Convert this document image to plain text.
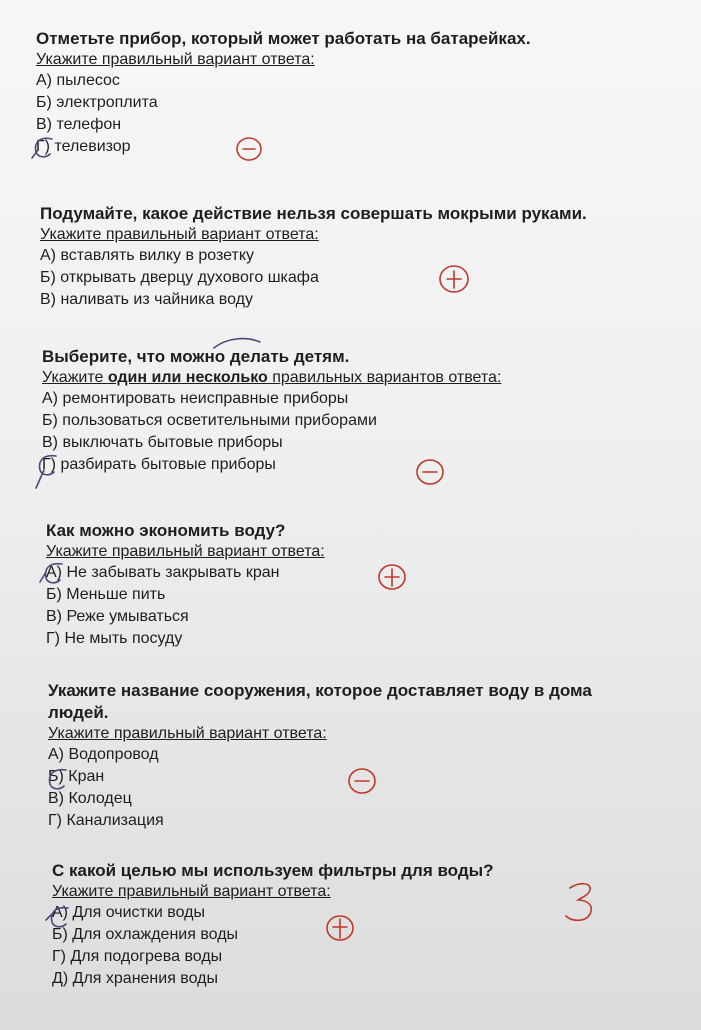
Отметьте прибор, который может работать на батарейках.

Укажите правильный вариант ответа:

А) пылесос
Б) электроплита
В) телефон
Г) телевизор

Подумайте, какое действие нельзя совершать мокрыми руками.

Укажите правильный вариант ответа:

А) вставлять вилку в розетку
Б) открывать дверцу духового шкафа
В) наливать из чайника воду

Выберите, что можно делать детям.

Укажите один или несколько правильных вариантов ответа:

А) ремонтировать неисправные приборы
Б) пользоваться осветительными приборами
В) выключать бытовые приборы
Г) разбирать бытовые приборы

Как можно экономить воду?

Укажите правильный вариант ответа:

А) Не забывать закрывать кран
Б) Меньше пить
В) Реже умываться
Г) Не мыть посуду

Укажите название сооружения, которое доставляет воду в дома

людей.

Укажите правильный вариант ответа:

А) Водопровод
Б) Кран
В) Колодец
Г) Канализация

С какой целью мы используем фильтры для воды?

Укажите правильный вариант ответа:

А) Для очистки воды
Б) Для охлаждения воды
Г) Для подогрева воды
Д) Для хранения воды
